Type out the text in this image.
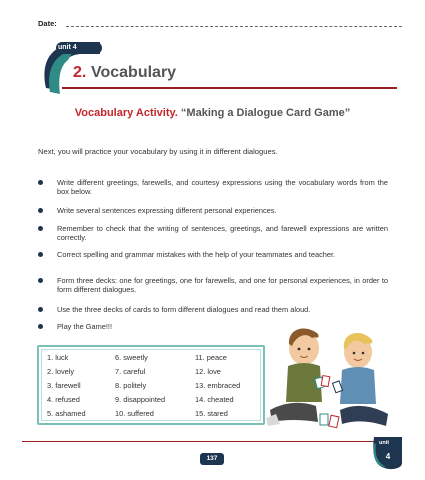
Date:
unit 4
2. Vocabulary
Vocabulary Activity. “Making a Dialogue Card Game”
Next, you will practice your vocabulary by using it in different dialogues.
Write different greetings, farewells, and courtesy expressions using the vocabulary words from the box below.
Write several sentences expressing different personal experiences.
Remember to check that the writing of sentences, greetings, and farewell expressions are written correctly.
Correct spelling and grammar mistakes with the help of your teammates and teacher.
Form three decks: one for greetings, one for farewells, and one for personal experiences, in order to form different dialogues.
Use the three decks of cards to form different dialogues and read them aloud.
Play the Game!!!
1. luck	6. sweetly	11. peace
2. lovely	7. careful	12. love
3. farewell	8. politely	13. embraced
4. refused	9. disappointed	14. cheated
5. ashamed	10. suffered	15. stared
137
unit
4
